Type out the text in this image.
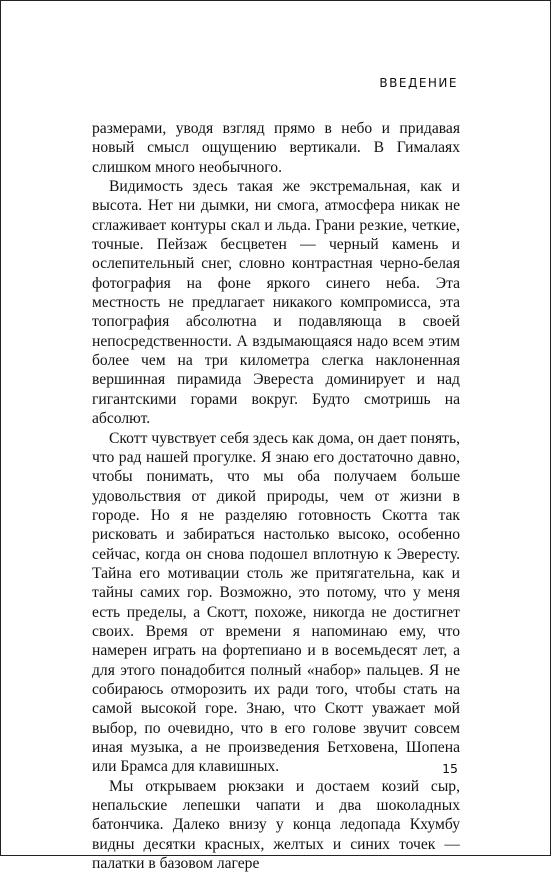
ВВЕДЕНИЕ

размерами, уводя взгляд прямо в небо и придавая новый смысл ощущению вертикали. В Гималаях слишком много необычного.

Видимость здесь такая же экстремальная, как и высота. Нет ни дымки, ни смога, атмосфера никак не сглаживает контуры скал и льда. Грани резкие, четкие, точные. Пейзаж бесцветен — черный камень и ослепительный снег, словно контрастная черно-белая фотография на фоне яркого синего неба. Эта местность не предлагает никакого компромисса, эта топография абсолютна и подавляюща в своей непосредственности. А вздымающаяся надо всем этим более чем на три километра слегка наклоненная вершинная пирамида Эвереста доминирует и над гигантскими горами вокруг. Будто смотришь на абсолют.

Скотт чувствует себя здесь как дома, он дает понять, что рад нашей прогулке. Я знаю его достаточно давно, чтобы понимать, что мы оба получаем больше удовольствия от дикой природы, чем от жизни в городе. Но я не разделяю готовность Скотта так рисковать и забираться настолько высоко, особенно сейчас, когда он снова подошел вплотную к Эвересту. Тайна его мотивации столь же притягательна, как и тайны самих гор. Возможно, это потому, что у меня есть пределы, а Скотт, похоже, никогда не достигнет своих. Время от времени я напоминаю ему, что намерен играть на фортепиано и в восемьдесят лет, а для этого понадобится полный «набор» пальцев. Я не собираюсь отморозить их ради того, чтобы стать на самой высокой горе. Знаю, что Скотт уважает мой выбор, по очевидно, что в его голове звучит совсем иная музыка, а не произведения Бетховена, Шопена или Брамса для клавишных.

Мы открываем рюкзаки и достаем козий сыр, непальские лепешки чапати и два шоколадных батончика. Далеко внизу у конца ледопада Кхумбу видны десятки красных, желтых и синих точек — палатки в базовом лагере

15
